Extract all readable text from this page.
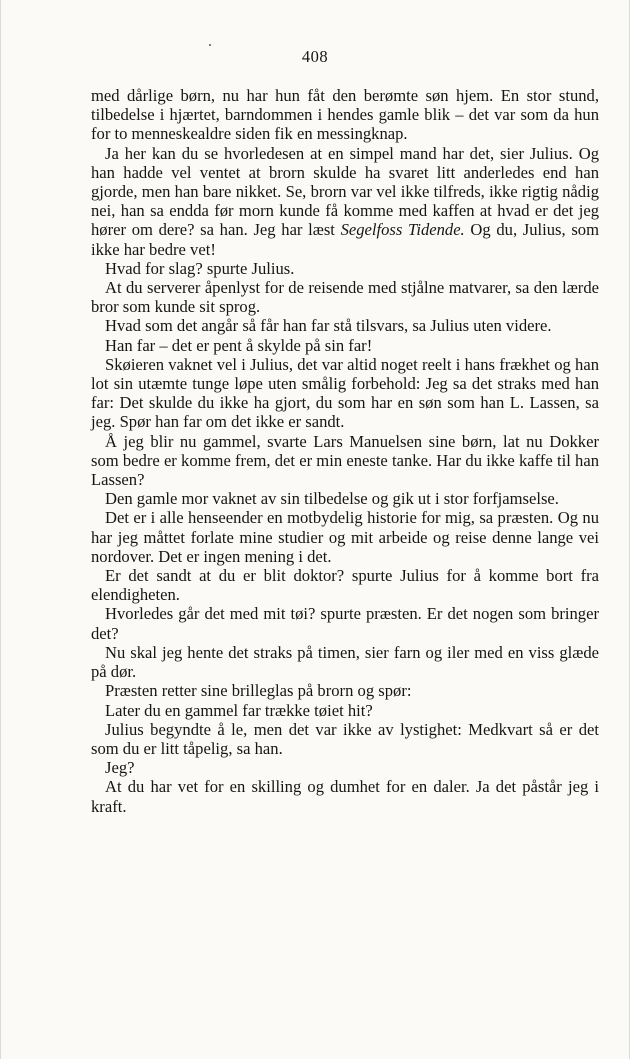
408

med dårlige børn, nu har hun fåt den berømte søn hjem. En stor stund, tilbedelse i hjærtet, barndommen i hendes gamle blik – det var som da hun for to menneskealdre siden fik en messingknap.

Ja her kan du se hvorledesen at en simpel mand har det, sier Julius. Og han hadde vel ventet at brorn skulde ha svaret litt anderledes end han gjorde, men han bare nikket. Se, brorn var vel ikke tilfreds, ikke rigtig nådig nei, han sa endda før morn kunde få komme med kaffen at hvad er det jeg hører om dere? sa han. Jeg har læst Segelfoss Tidende. Og du, Julius, som ikke har bedre vet!

Hvad for slag? spurte Julius.

At du serverer åpenlyst for de reisende med stjålne matvarer, sa den lærde bror som kunde sit sprog.

Hvad som det angår så får han far stå tilsvars, sa Julius uten videre.

Han far – det er pent å skylde på sin far!

Skøieren vaknet vel i Julius, det var altid noget reelt i hans frækhet og han lot sin utæmte tunge løpe uten smålig forbehold: Jeg sa det straks med han far: Det skulde du ikke ha gjort, du som har en søn som han L. Lassen, sa jeg. Spør han far om det ikke er sandt.

Å jeg blir nu gammel, svarte Lars Manuelsen sine børn, lat nu Dokker som bedre er komme frem, det er min eneste tanke. Har du ikke kaffe til han Lassen?

Den gamle mor vaknet av sin tilbedelse og gik ut i stor forfjamselse.

Det er i alle henseender en motbydelig historie for mig, sa præsten. Og nu har jeg måttet forlate mine studier og mit arbeide og reise denne lange vei nordover. Det er ingen mening i det.

Er det sandt at du er blit doktor? spurte Julius for å komme bort fra elendigheten.

Hvorledes går det med mit tøi? spurte præsten. Er det nogen som bringer det?

Nu skal jeg hente det straks på timen, sier farn og iler med en viss glæde på dør.

Præsten retter sine brilleglas på brorn og spør:

Later du en gammel far trække tøiet hit?

Julius begyndte å le, men det var ikke av lystighet: Medkvart så er det som du er litt tåpelig, sa han.

Jeg?

At du har vet for en skilling og dumhet for en daler. Ja det påstår jeg i kraft.
